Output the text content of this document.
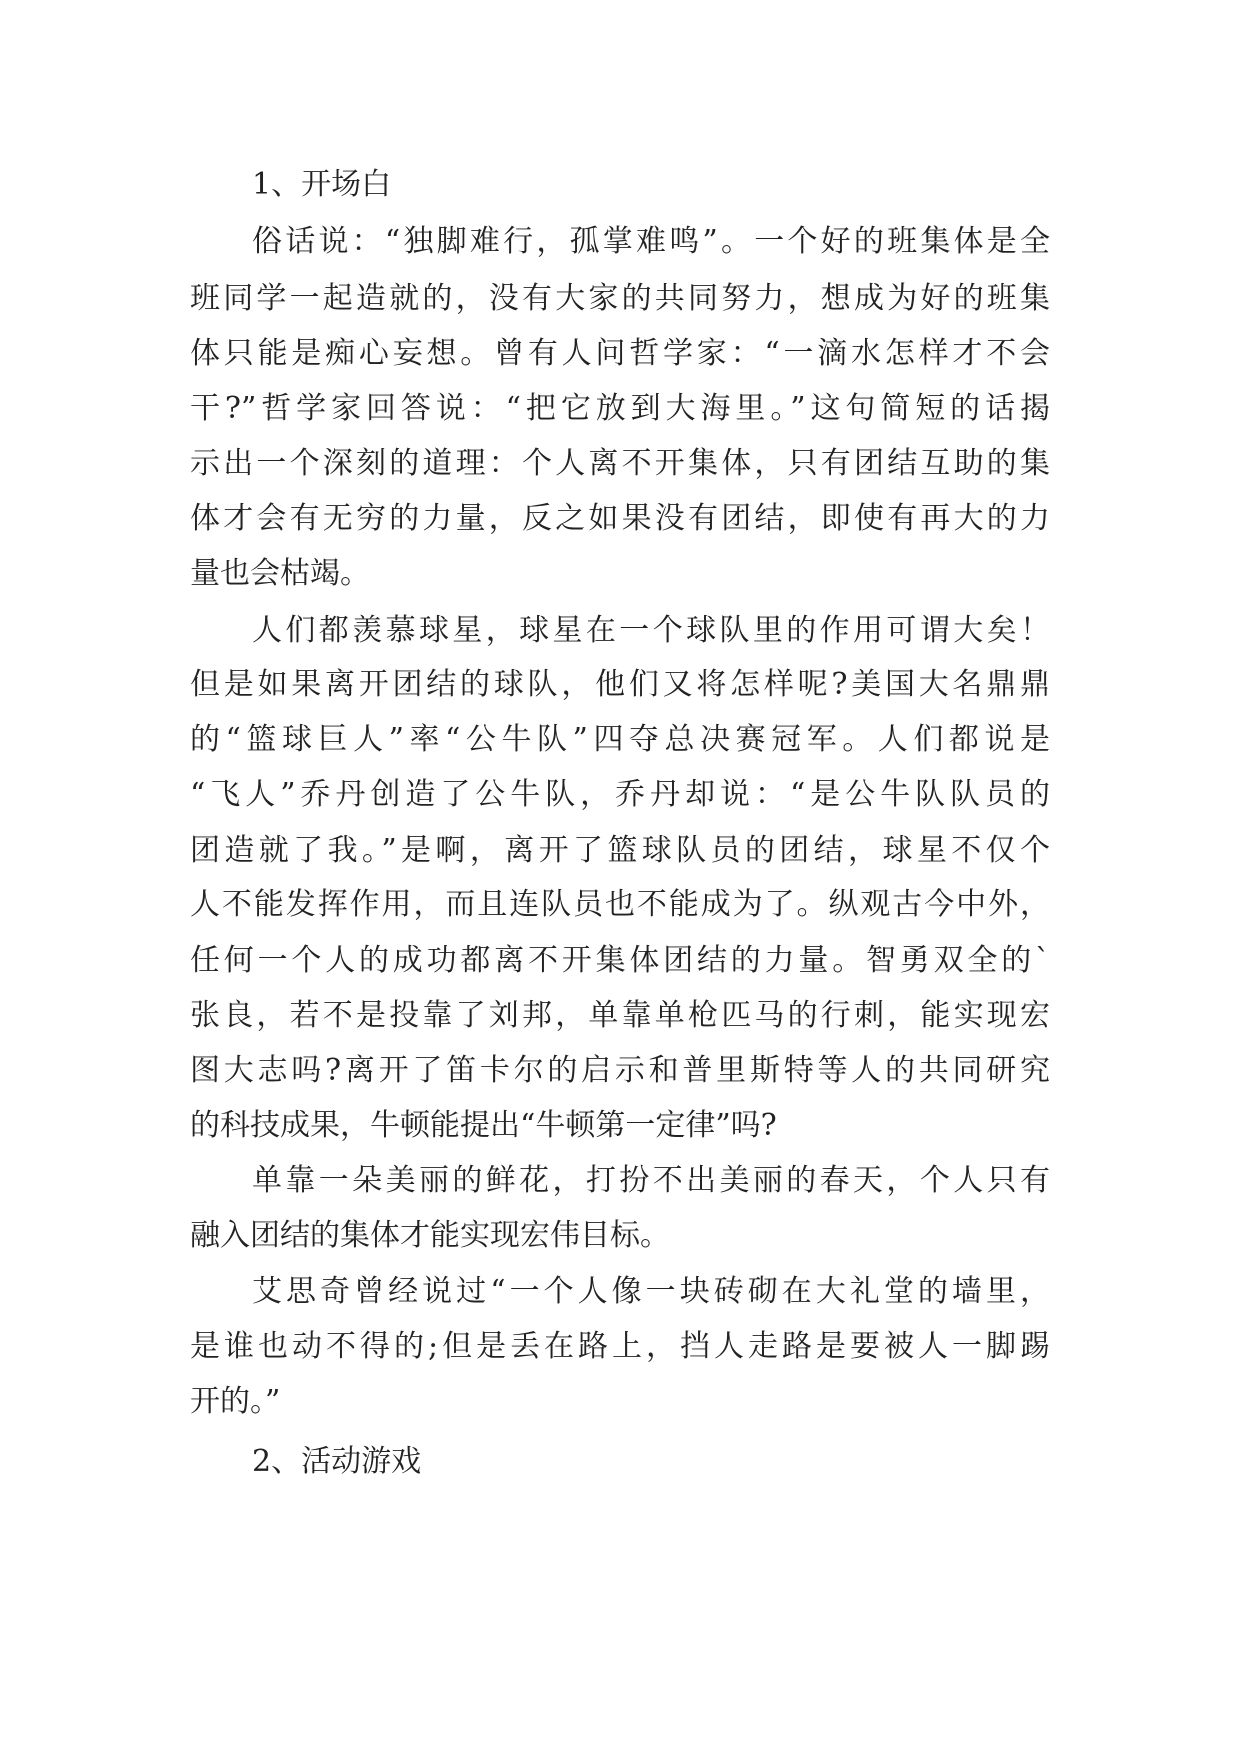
1、开场白
俗话说：“独脚难行，孤掌难鸣”。一个好的班集体是全
班同学一起造就的，没有大家的共同努力，想成为好的班集
体只能是痴心妄想。曾有人问哲学家：“一滴水怎样才不会
干?”哲学家回答说：“把它放到大海里。”这句简短的话揭
示出一个深刻的道理：个人离不开集体，只有团结互助的集
体才会有无穷的力量，反之如果没有团结，即使有再大的力
量也会枯竭。
人们都羡慕球星，球星在一个球队里的作用可谓大矣！
但是如果离开团结的球队，他们又将怎样呢?美国大名鼎鼎
的“篮球巨人”率“公牛队”四夺总决赛冠军。人们都说是
“飞人”乔丹创造了公牛队，乔丹却说：“是公牛队队员的
团造就了我。”是啊，离开了篮球队员的团结，球星不仅个
人不能发挥作用，而且连队员也不能成为了。纵观古今中外，
任何一个人的成功都离不开集体团结的力量。智勇双全的`
张良，若不是投靠了刘邦，单靠单枪匹马的行刺，能实现宏
图大志吗?离开了笛卡尔的启示和普里斯特等人的共同研究
的科技成果，牛顿能提出“牛顿第一定律”吗?
单靠一朵美丽的鲜花，打扮不出美丽的春天，个人只有
融入团结的集体才能实现宏伟目标。
艾思奇曾经说过“一个人像一块砖砌在大礼堂的墙里，
是谁也动不得的;但是丢在路上，挡人走路是要被人一脚踢
开的。”
2、活动游戏
